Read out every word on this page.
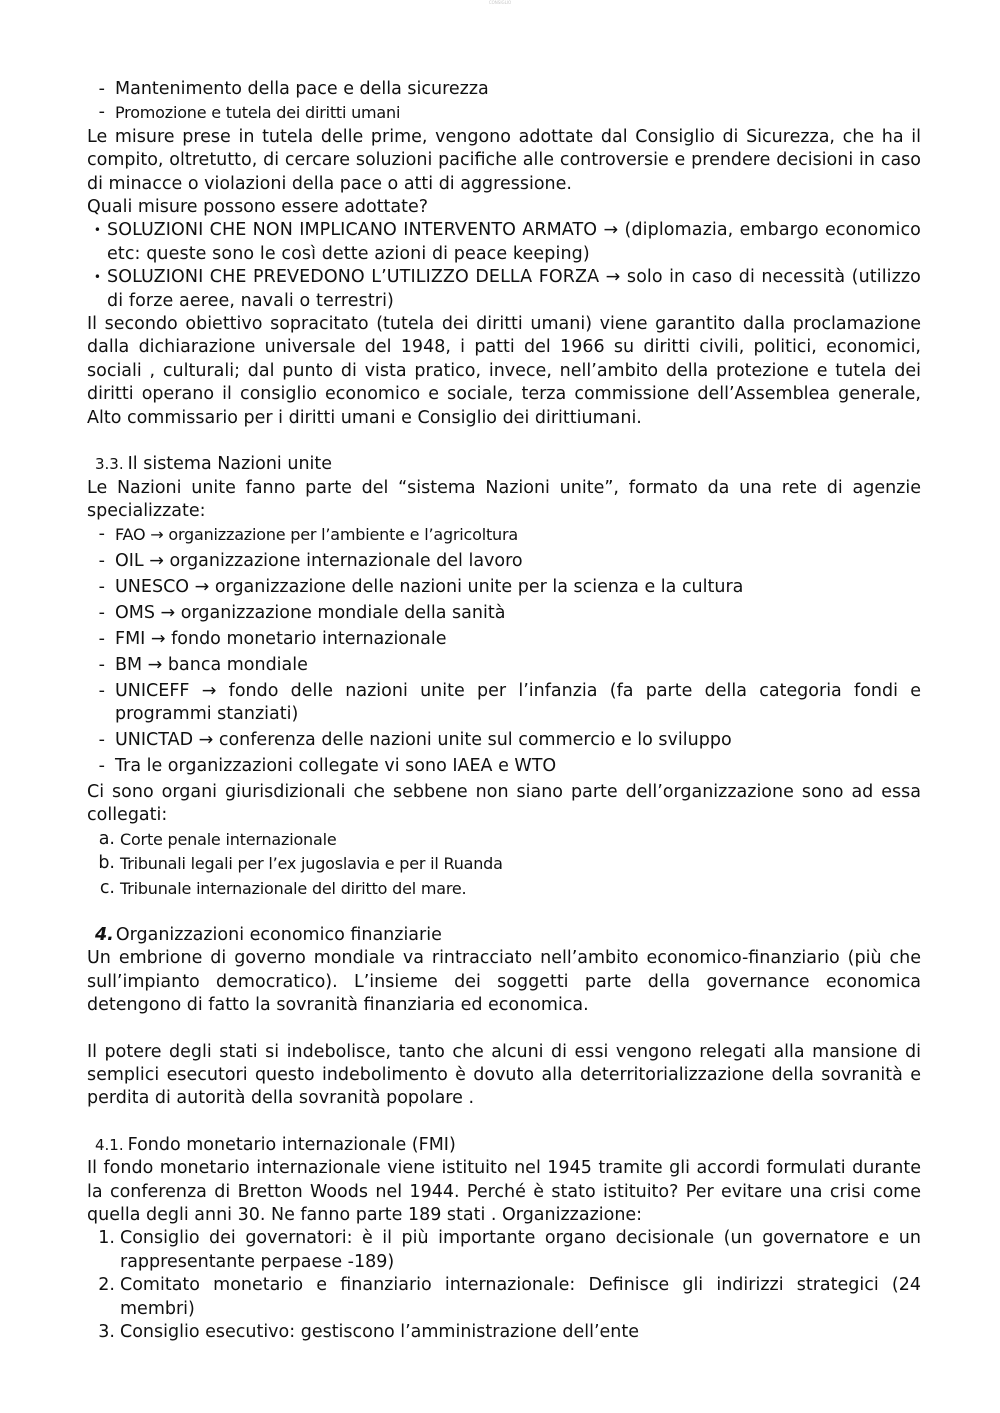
CONSIGLIO
- Mantenimento della pace e della sicurezza
- Promozione e tutela dei diritti umani

Le misure prese in tutela delle prime, vengono adottate dal Consiglio di Sicurezza, che ha il compito, oltretutto, di cercare soluzioni pacifiche alle controversie e prendere decisioni in caso di minacce o violazioni della pace o atti di aggressione.

Quali misure possono essere adottate?

• SOLUZIONI CHE NON IMPLICANO INTERVENTO ARMATO → (diplomazia, embargo economico etc: queste sono le così dette azioni di peace keeping)
• SOLUZIONI CHE PREVEDONO L’UTILIZZO DELLA FORZA → solo in caso di necessità (utilizzo di forze aeree, navali o terrestri)

Il secondo obiettivo sopracitato (tutela dei diritti umani) viene garantito dalla proclamazione dalla dichiarazione universale del 1948, i patti del 1966 su diritti civili, politici, economici, sociali , culturali; dal punto di vista pratico, invece, nell’ambito della protezione e tutela dei diritti operano il consiglio economico e sociale, terza commissione dell’Assemblea generale, Alto commissario per i diritti umani e Consiglio dei dirittiumani.

3.3. Il sistema Nazioni unite

Le Nazioni unite fanno parte del “sistema Nazioni unite”, formato da una rete di agenzie specializzate:

- FAO → organizzazione per l’ambiente e l’agricoltura
- OIL → organizzazione internazionale del lavoro
- UNESCO → organizzazione delle nazioni unite per la scienza e la cultura
- OMS → organizzazione mondiale della sanità
- FMI → fondo monetario internazionale
- BM → banca mondiale
- UNICEFF → fondo delle nazioni unite per l’infanzia (fa parte della categoria fondi e programmi stanziati)
- UNICTAD → conferenza delle nazioni unite sul commercio e lo sviluppo
- Tra le organizzazioni collegate vi sono IAEA e WTO

Ci sono organi giurisdizionali che sebbene non siano parte dell’organizzazione sono ad essa collegati:

a. Corte penale internazionale
b. Tribunali legali per l’ex jugoslavia e per il Ruanda
c. Tribunale internazionale del diritto del mare.
4. Organizzazioni economico finanziarie

Un embrione di governo mondiale va rintracciato nell’ambito economico-finanziario (più che sull’impianto democratico). L’insieme dei soggetti parte della governance economica detengono di fatto la sovranità finanziaria ed economica.

Il potere degli stati si indebolisce, tanto che alcuni di essi vengono relegati alla mansione di semplici esecutori questo indebolimento è dovuto alla deterritorializzazione della sovranità e perdita di autorità della sovranità popolare .

4.1. Fondo monetario internazionale (FMI)

Il fondo monetario internazionale viene istituito nel 1945 tramite gli accordi formulati durante la conferenza di Bretton Woods nel 1944. Perché è stato istituito? Per evitare una crisi come quella degli anni 30. Ne fanno parte 189 stati . Organizzazione:

1. Consiglio dei governatori: è il più importante organo decisionale (un governatore e un rappresentante perpaese -189)
2. Comitato monetario e finanziario internazionale: Definisce gli indirizzi strategici (24 membri)
3. Consiglio esecutivo: gestiscono l’amministrazione dell’ente
